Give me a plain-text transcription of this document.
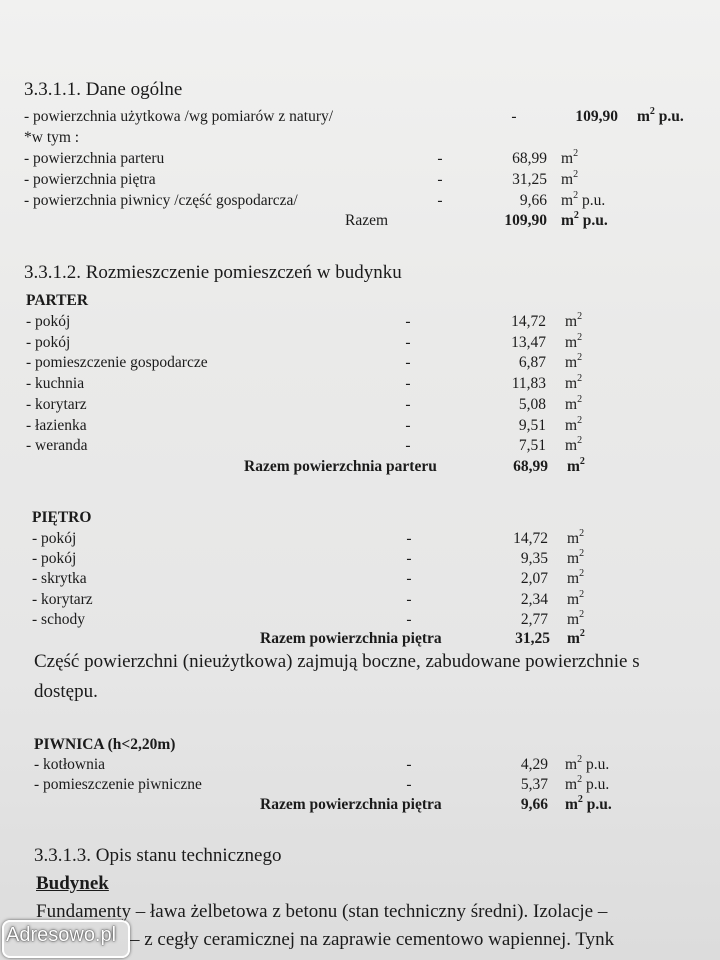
3.3.1.1. Dane ogólne
- powierzchnia użytkowa /wg pomiarów z natury/	-	109,90 $m^2$ p.u.
*w tym :
- powierzchnia parteru	-	68,99 $m^2$
- powierzchnia piętra	-	31,25 $m^2$
- powierzchnia piwnicy /część gospodarcza/	-	9,66 $m^2$ p.u.
Razem	109,90 $m^2$ p.u.
3.3.1.2. Rozmieszczenie pomieszczeń w budynku
PARTER
- pokój	-	14,72 $m^2$
- pokój	-	13,47 $m^2$
- pomieszczenie gospodarcze	-	6,87 $m^2$
- kuchnia	-	11,83 $m^2$
- korytarz	-	5,08 $m^2$
- łazienka	-	9,51 $m^2$
- weranda	-	7,51 $m^2$
Razem powierzchnia parteru	68,99 $m^2$
PIĘTRO
- pokój	-	14,72 $m^2$
- pokój	-	9,35 $m^2$
- skrytka	-	2,07 $m^2$
- korytarz	-	2,34 $m^2$
- schody	-	2,77 $m^2$
Razem powierzchnia piętra	31,25 $m^2$
Część powierzchni (nieużytkowa) zajmują boczne, zabudowane powierzchnie s
dostępu.
PIWNICA (h<2,20m)
- kotłownia	-	4,29 $m^2$ p.u.
- pomieszczenie piwniczne	-	5,37 $m^2$ p.u.
Razem powierzchnia piętra	9,66 $m^2$ p.u.
3.3.1.3. Opis stanu technicznego
Budynek
Fundamenty – ława żelbetowa z betonu (stan techniczny średni). Izolacje –
– z cegły ceramicznej na zaprawie cementowo wapiennej. Tynk
Adresowo.pl
